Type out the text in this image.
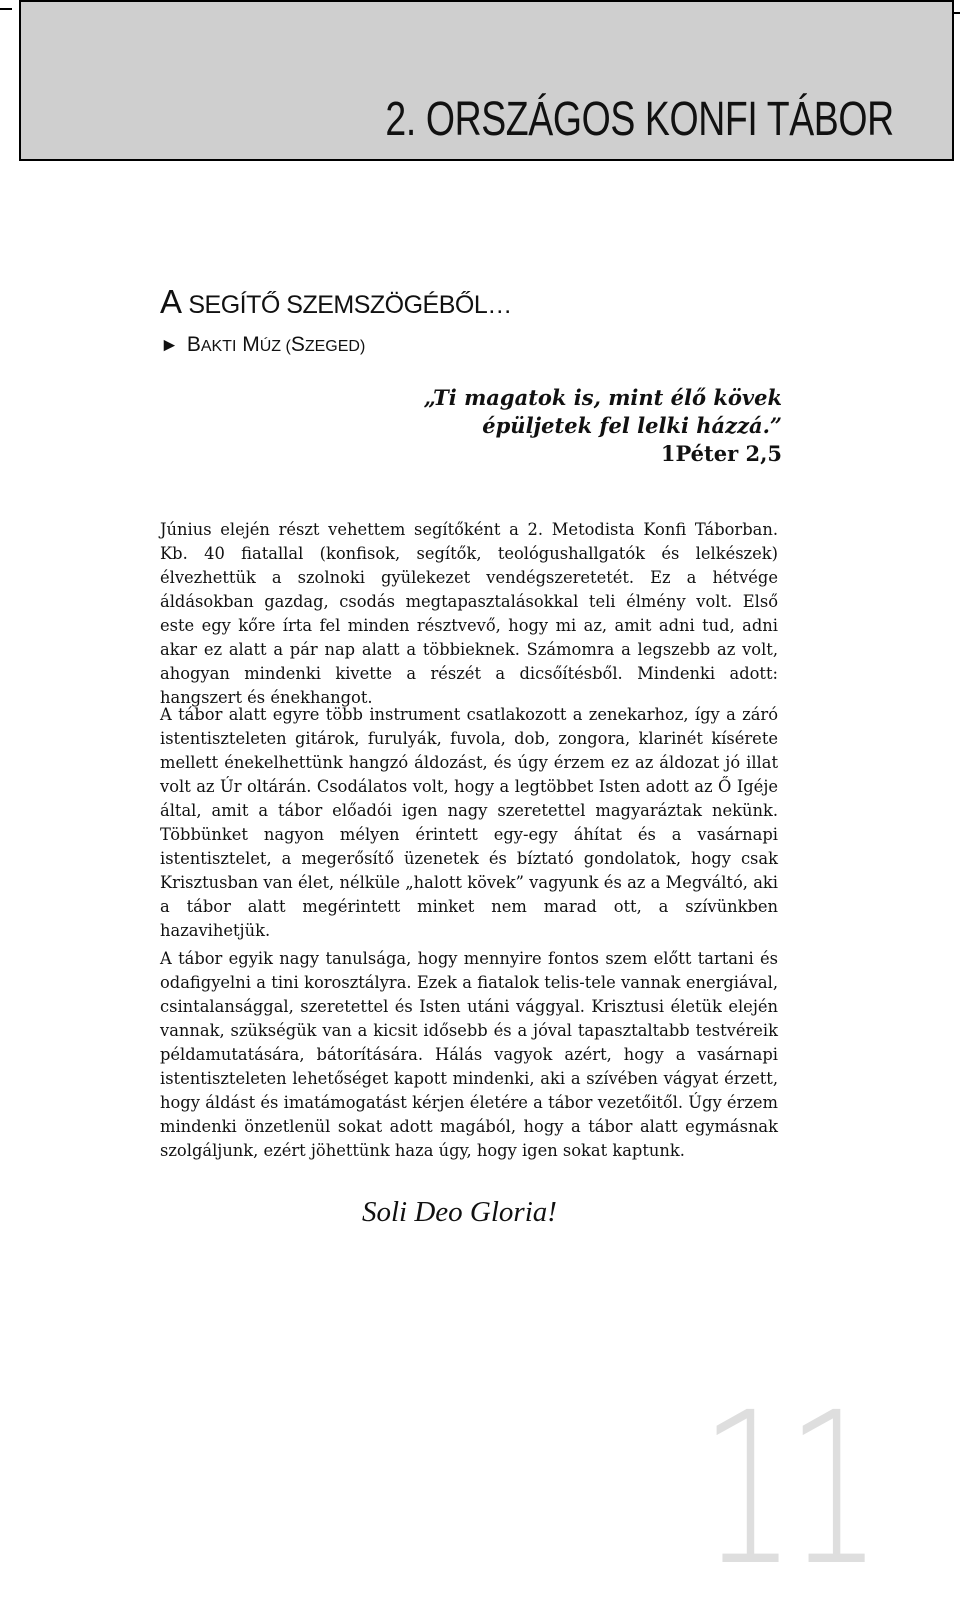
2. ORSZÁGOS KONFI TÁBOR
A SEGÍTŐ SZEMSZÖGÉBŐL…
► BAKTI MÚZ (SZEGED)
„Ti magatok is, mint élő kövek
épüljetek fel lelki házzá.”
1Péter 2,5
Június elején részt vehettem segítőként a 2. Metodista Konfi Táborban. Kb. 40 fiatallal (konfisok, segítők, teológushallgatók és lelkészek) élvezhettük a szolnoki gyülekezet vendégszeretetét. Ez a hétvége áldásokban gazdag, csodás megtapasztalásokkal teli élmény volt. Első este egy kőre írta fel minden résztvevő, hogy mi az, amit adni tud, adni akar ez alatt a pár nap alatt a többieknek. Számomra a legszebb az volt, ahogyan mindenki kivette a részét a dicsőítésből. Mindenki adott: hangszert és énekhangot.
A tábor alatt egyre több instrument csatlakozott a zenekarhoz, így a záró istentiszteleten gitárok, furulyák, fuvola, dob, zongora, klarinét kísérete mellett énekelhettünk hangzó áldozást, és úgy érzem ez az áldozat jó illat volt az Úr oltárán. Csodálatos volt, hogy a legtöbbet Isten adott az Ő Igéje által, amit a tábor előadói igen nagy szeretettel magyaráztak nekünk. Többünket nagyon mélyen érintett egy-egy áhítat és a vasárnapi istentisztelet, a megerősítő üzenetek és bíztató gondolatok, hogy csak Krisztusban van élet, nélküle „halott kövek” vagyunk és az a Megváltó, aki a tábor alatt megérintett minket nem marad ott, a szívünkben hazavihetjük.
A tábor egyik nagy tanulsága, hogy mennyire fontos szem előtt tartani és odafigyelni a tini korosztályra. Ezek a fiatalok telis-tele vannak energiával, csintalansággal, szeretettel és Isten utáni vággyal. Krisztusi életük elején vannak, szükségük van a kicsit idősebb és a jóval tapasztaltabb testvéreik példamutatására, bátorítására. Hálás vagyok azért, hogy a vasárnapi istentiszteleten lehetőséget kapott mindenki, aki a szívében vágyat érzett, hogy áldást és imatámogatást kérjen életére a tábor vezetőitől. Úgy érzem mindenki önzetlenül sokat adott magából, hogy a tábor alatt egymásnak szolgáljunk, ezért jöhettünk haza úgy, hogy igen sokat kaptunk.
Soli Deo Gloria!
11
